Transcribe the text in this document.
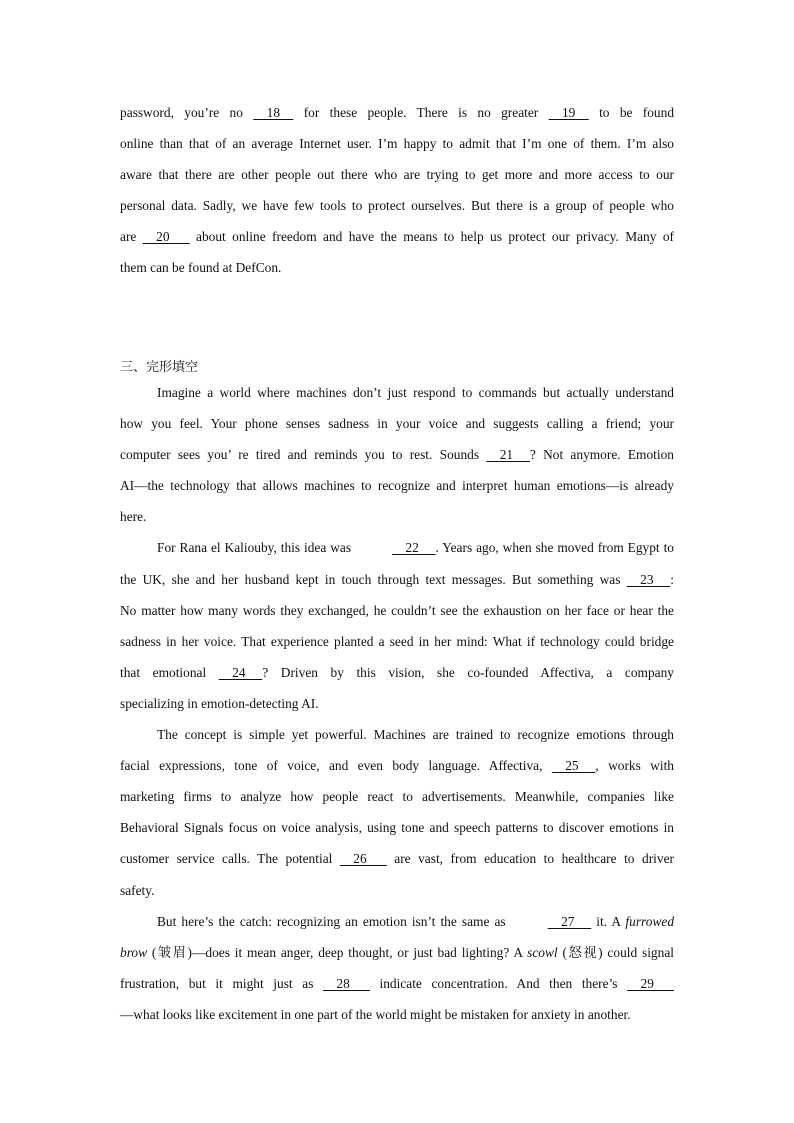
password, you’re no     18     for these people. There is no greater     19     to be found
online than that of an average Internet user. I’m happy to admit that I’m one of them. I’m also
aware that there are other people out there who are trying to get more and more access to our
personal data. Sadly, we have few tools to protect ourselves. But there is a group of people who
are     20       about online freedom and have the means to help us protect our privacy. Many of
them can be found at DefCon.
三、完形填空
Imagine a world where machines don’t just respond to commands but actually understand
how you feel. Your phone senses sadness in your voice and suggests calling a friend; your
computer sees you’ re tired and reminds you to rest. Sounds     21     ? Not anymore. Emotion
AI—the technology that allows machines to recognize and interpret human emotions—is already
here.
For Rana el Kaliouby, this idea was	22     . Years ago, when she moved from Egypt to
the UK, she and her husband kept in touch through text messages. But something was     23     :
No matter how many words they exchanged, he couldn’t see the exhaustion on her face or hear the
sadness in her voice. That experience planted a seed in her mind: What if technology could bridge
that emotional     24     ? Driven by this vision, she co-founded Affectiva, a company
specializing in emotion-detecting AI.
The concept is simple yet powerful. Machines are trained to recognize emotions through
facial expressions, tone of voice, and even body language. Affectiva,     25     , works with
marketing firms to analyze how people react to advertisements. Meanwhile, companies like
Behavioral Signals focus on voice analysis, using tone and speech patterns to discover emotions in
customer service calls. The potential     26       are vast, from education to healthcare to driver
safety.
But here’s the catch: recognizing an emotion isn’t the same as	27      it. A furrowed
brow (皱眉)—does it mean anger, deep thought, or just bad lighting? A scowl (怒视) could signal
frustration, but it might just as     28       indicate concentration. And then there’s     29
—what looks like excitement in one part of the world might be mistaken for anxiety in another.
